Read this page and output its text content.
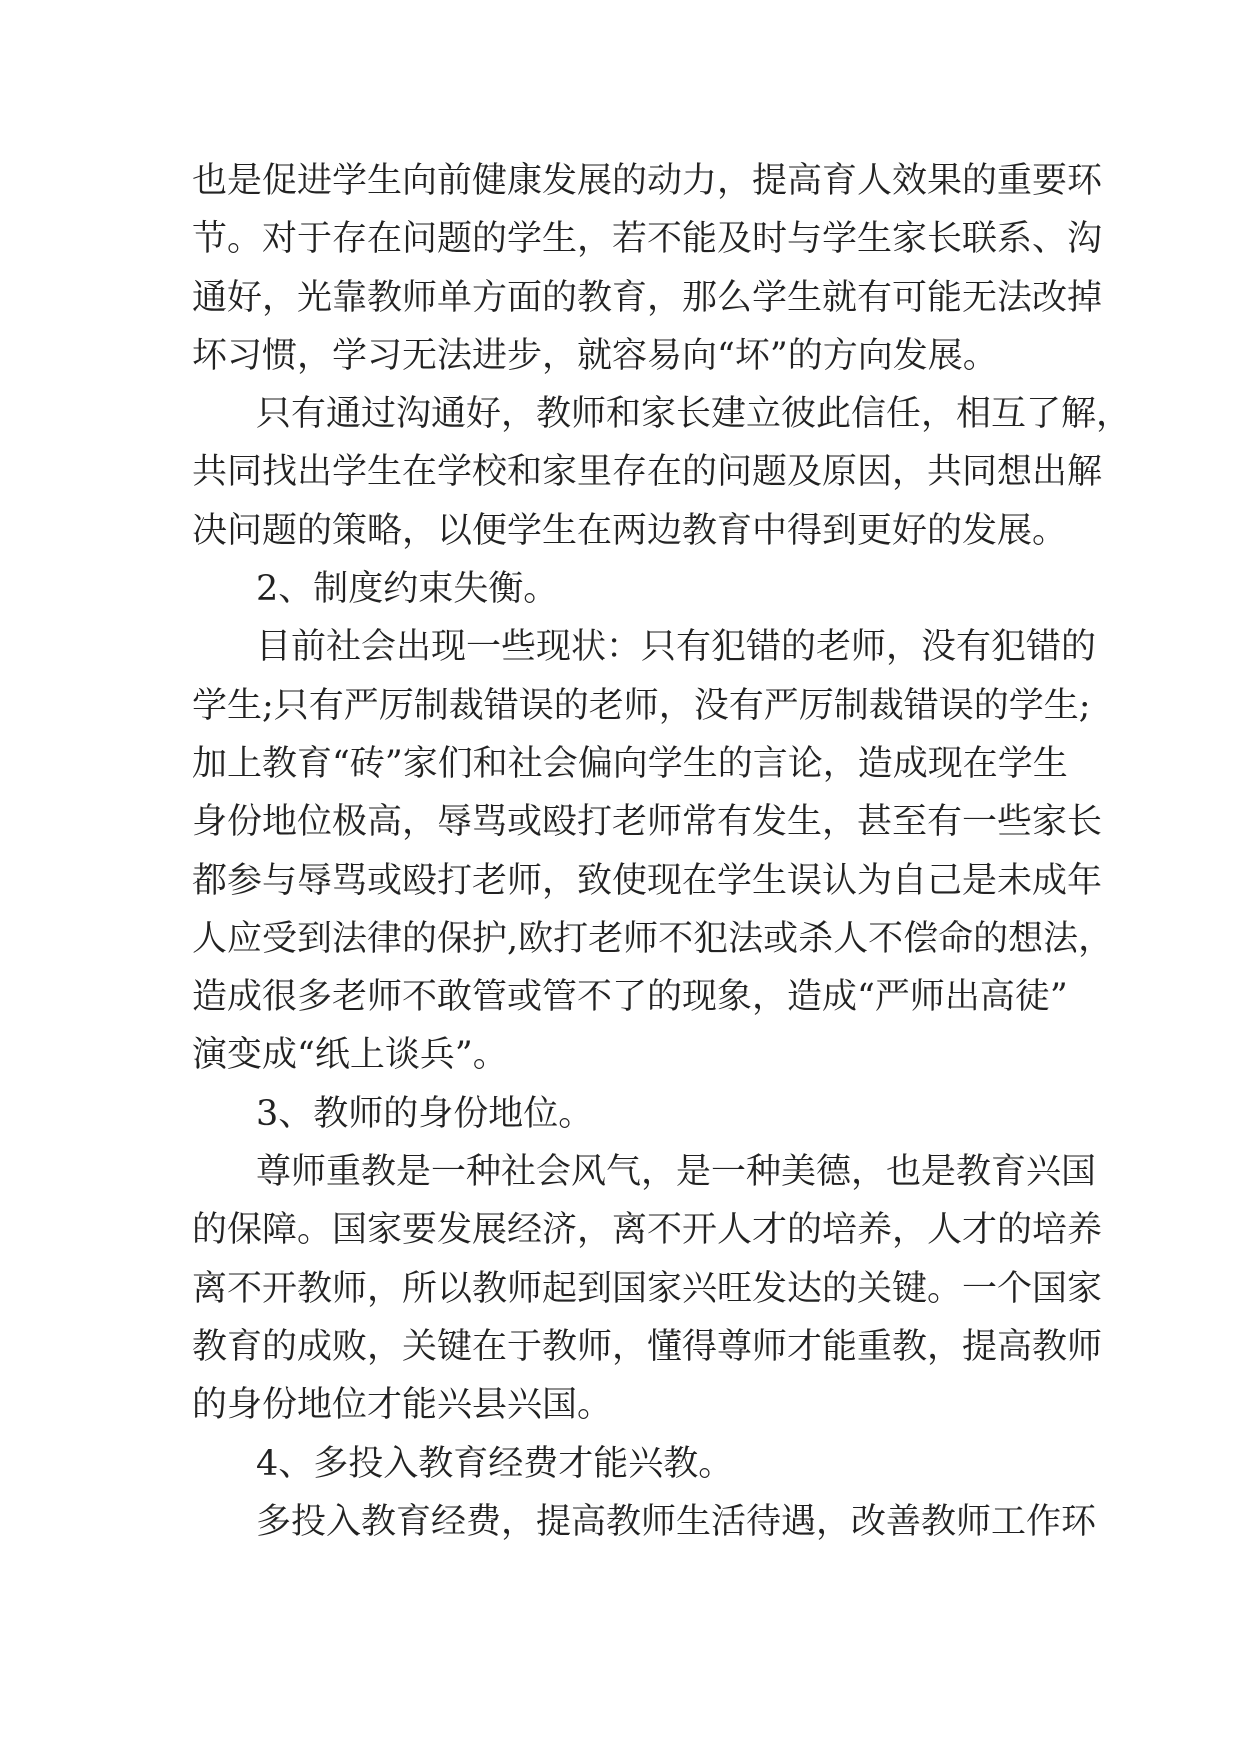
也是促进学生向前健康发展的动力，提高育人效果的重要环
节。对于存在问题的学生，若不能及时与学生家长联系、沟
通好，光靠教师单方面的教育，那么学生就有可能无法改掉
坏习惯，学习无法进步，就容易向“坏”的方向发展。
只有通过沟通好，教师和家长建立彼此信任，相互了解，
共同找出学生在学校和家里存在的问题及原因，共同想出解
决问题的策略，以便学生在两边教育中得到更好的发展。
2、制度约束失衡。
目前社会出现一些现状：只有犯错的老师，没有犯错的
学生;只有严厉制裁错误的老师，没有严厉制裁错误的学生;
加上教育“砖”家们和社会偏向学生的言论，造成现在学生
身份地位极高，辱骂或殴打老师常有发生，甚至有一些家长
都参与辱骂或殴打老师，致使现在学生误认为自己是未成年
人应受到法律的保护,欧打老师不犯法或杀人不偿命的想法，
造成很多老师不敢管或管不了的现象，造成“严师出高徒”
演变成“纸上谈兵”。
3、教师的身份地位。
尊师重教是一种社会风气，是一种美德，也是教育兴国
的保障。国家要发展经济，离不开人才的培养，人才的培养
离不开教师，所以教师起到国家兴旺发达的关键。一个国家
教育的成败，关键在于教师，懂得尊师才能重教，提高教师
的身份地位才能兴县兴国。
4、多投入教育经费才能兴教。
多投入教育经费，提高教师生活待遇，改善教师工作环
